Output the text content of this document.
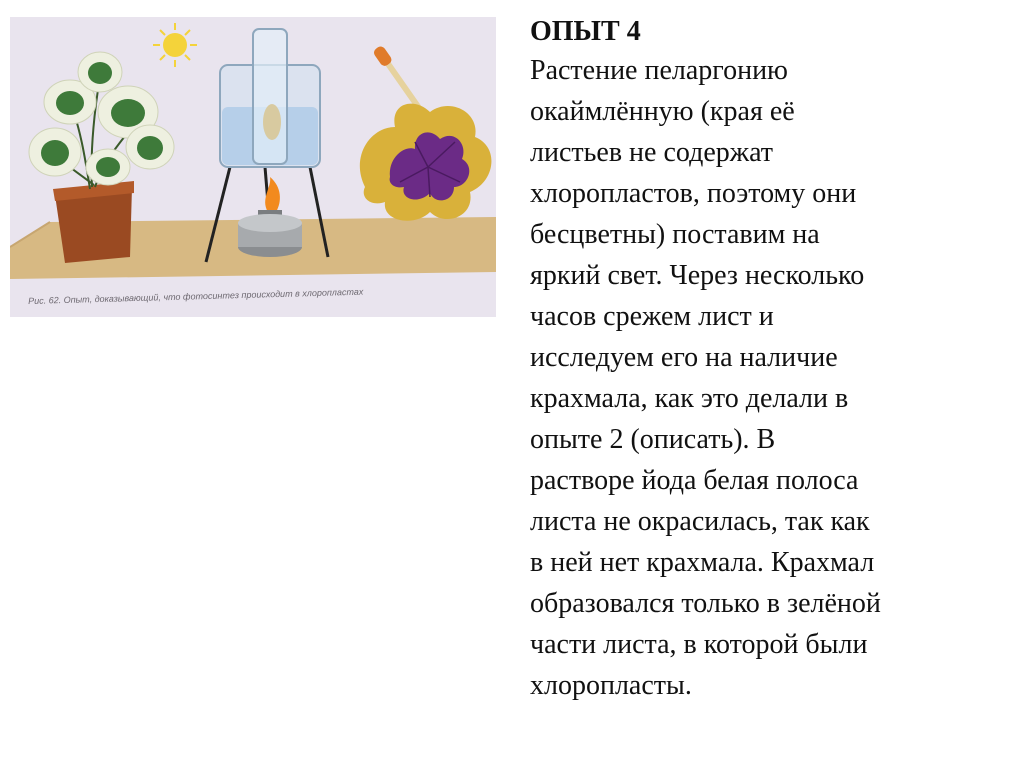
Рис. 62. Опыт, доказывающий, что фотосинтез происходит в хлоропластах
ОПЫТ 4
Растение пеларгонию
окаймлённую (края её
листьев не содержат
хлоропластов, поэтому они
бесцветны) поставим на
яркий свет. Через несколько
часов срежем лист и
исследуем его на наличие
крахмала, как это делали в
опыте 2 (описать). В
растворе йода белая полоса
листа не окрасилась, так как
в ней нет крахмала. Крахмал
образовался только в зелёной
части листа, в которой были
хлоропласты.
